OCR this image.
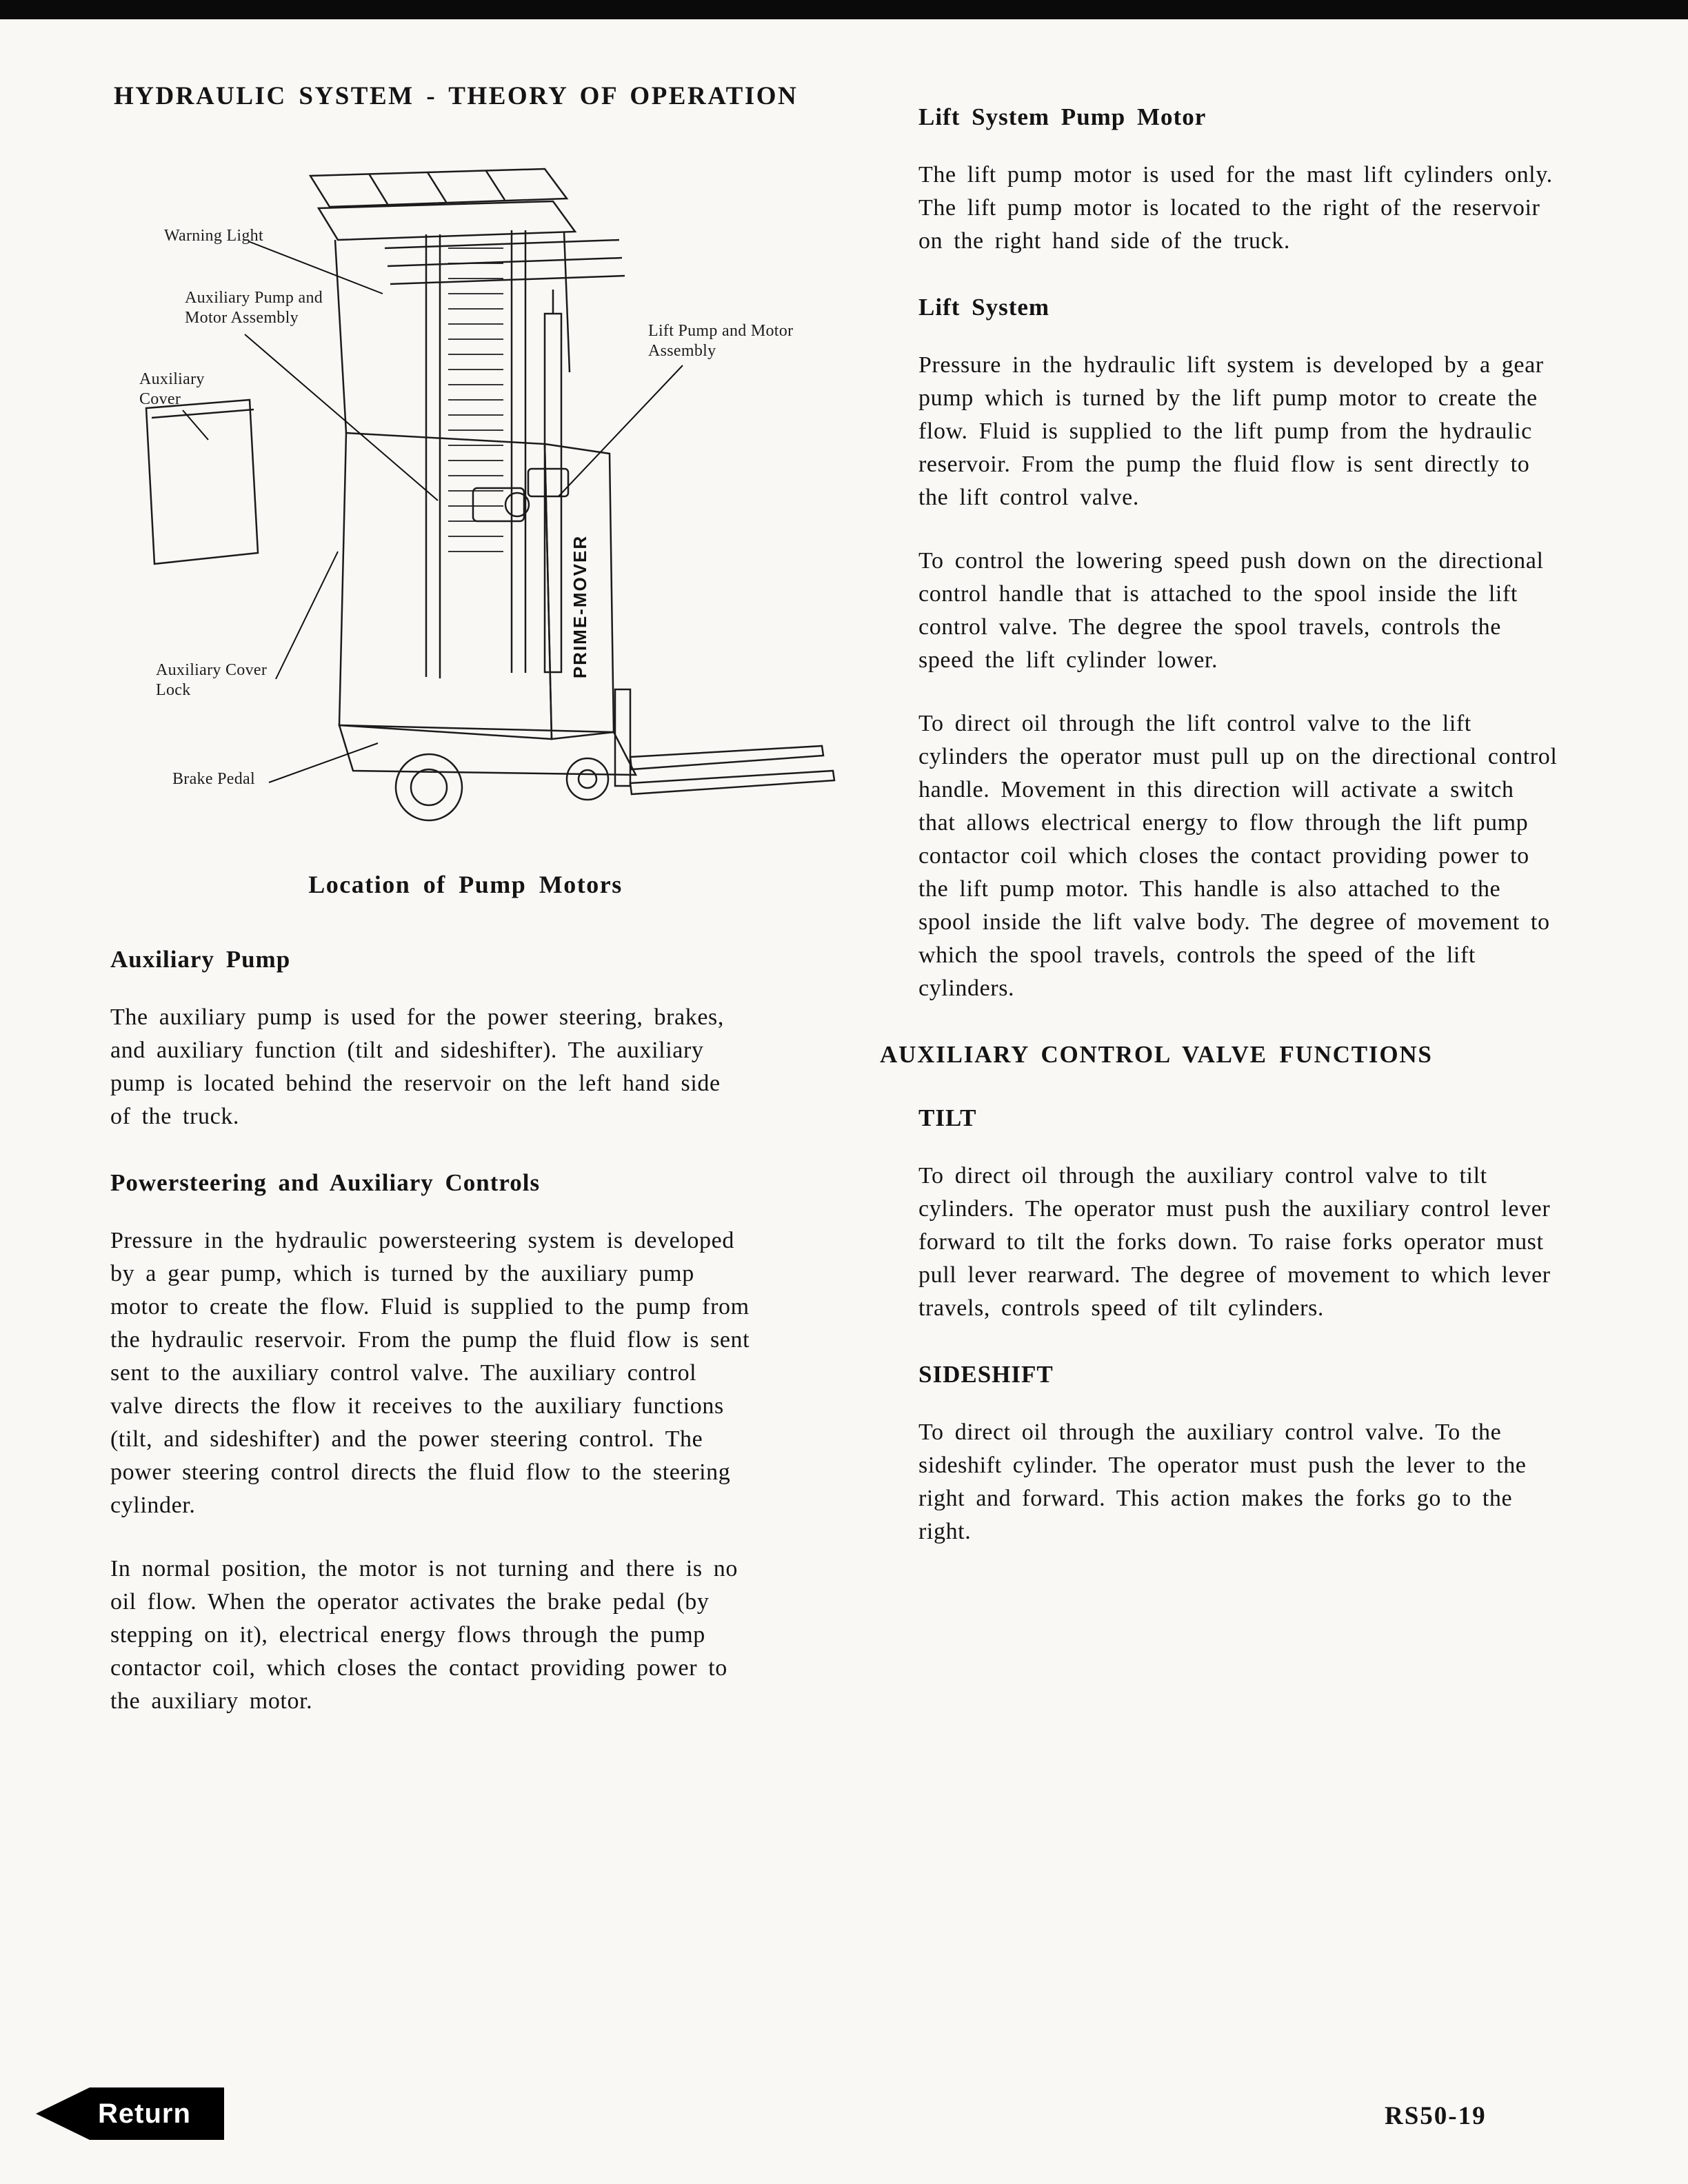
HYDRAULIC SYSTEM - THEORY OF OPERATION
PRIME-MOVER
Warning Light
Auxiliary Pump and Motor Assembly
Auxiliary Cover
Lift Pump and Motor Assembly
Auxiliary Cover Lock
Brake Pedal
Location of Pump Motors
Auxiliary Pump

The auxiliary pump is used for the power steering, brakes, and auxiliary function (tilt and sideshifter). The auxiliary pump is located behind the reservoir on the left hand side of the truck.

Powersteering and Auxiliary Controls

Pressure in the hydraulic powersteering system is developed by a gear pump, which is turned by the auxiliary pump motor to create the flow. Fluid is supplied to the pump from the hydraulic reservoir. From the pump the fluid flow is sent sent to the auxiliary control valve. The auxiliary control valve directs the flow it receives to the auxiliary functions (tilt, and sideshifter) and the power steering control. The power steering control directs the fluid flow to the steering cylinder.

In normal position, the motor is not turning and there is no oil flow. When the operator activates the brake pedal (by stepping on it), electrical energy flows through the pump contactor coil, which closes the contact providing power to the auxiliary motor.

Lift System Pump Motor

The lift pump motor is used for the mast lift cylinders only. The lift pump motor is located to the right of the reservoir on the right hand side of the truck.

Lift System

Pressure in the hydraulic lift system is developed by a gear pump which is turned by the lift pump motor to create the flow. Fluid is supplied to the lift pump from the hydraulic reservoir. From the pump the fluid flow is sent directly to the lift control valve.

To control the lowering speed push down on the directional control handle that is attached to the spool inside the lift control valve. The degree the spool travels, controls the speed the lift cylinder lower.

To direct oil through the lift control valve to the lift cylinders the operator must pull up on the directional control handle. Movement in this direction will activate a switch that allows electrical energy to flow through the lift pump contactor coil which closes the contact providing power to the lift pump motor. This handle is also attached to the spool inside the lift valve body. The degree of movement to which the spool travels, controls the speed of the lift cylinders.

AUXILIARY CONTROL VALVE FUNCTIONS
TILT

To direct oil through the auxiliary control valve to tilt cylinders. The operator must push the auxiliary control lever forward to tilt the forks down. To raise forks operator must pull lever rearward. The degree of movement to which lever travels, controls speed of tilt cylinders.

SIDESHIFT

To direct oil through the auxiliary control valve. To the sideshift cylinder. The operator must push the lever to the right and forward. This action makes the forks go to the right.

Return	RS50-19
